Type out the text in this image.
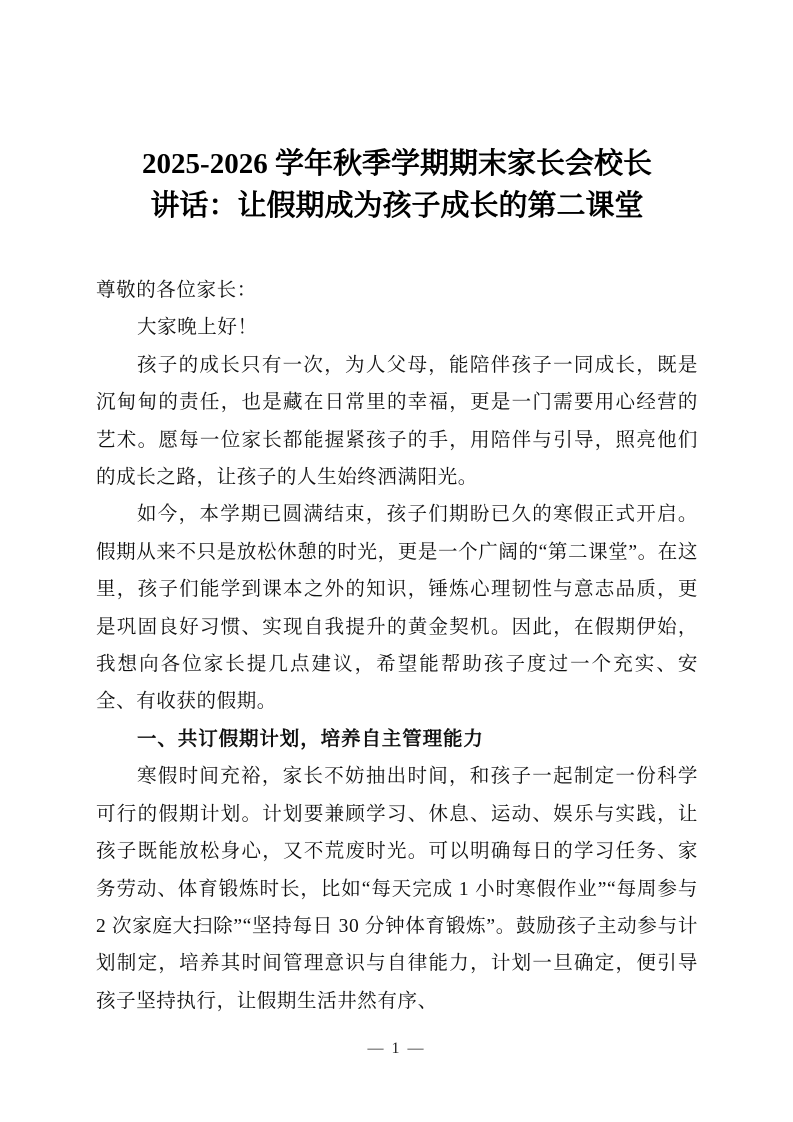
2025-2026 学年秋季学期期末家长会校长
讲话：让假期成为孩子成长的第二课堂

尊敬的各位家长：

大家晚上好！

孩子的成长只有一次，为人父母，能陪伴孩子一同成长，既是沉甸甸的责任，也是藏在日常里的幸福，更是一门需要用心经营的艺术。愿每一位家长都能握紧孩子的手，用陪伴与引导，照亮他们的成长之路，让孩子的人生始终洒满阳光。

如今，本学期已圆满结束，孩子们期盼已久的寒假正式开启。假期从来不只是放松休憩的时光，更是一个广阔的“第二课堂”。在这里，孩子们能学到课本之外的知识，锤炼心理韧性与意志品质，更是巩固良好习惯、实现自我提升的黄金契机。因此，在假期伊始，我想向各位家长提几点建议，希望能帮助孩子度过一个充实、安全、有收获的假期。

一、共订假期计划，培养自主管理能力

寒假时间充裕，家长不妨抽出时间，和孩子一起制定一份科学可行的假期计划。计划要兼顾学习、休息、运动、娱乐与实践，让孩子既能放松身心，又不荒废时光。可以明确每日的学习任务、家务劳动、体育锻炼时长，比如“每天完成 1 小时寒假作业”“每周参与 2 次家庭大扫除”“坚持每日 30 分钟体育锻炼”。鼓励孩子主动参与计划制定，培养其时间管理意识与自律能力，计划一旦确定，便引导孩子坚持执行，让假期生活井然有序、

— 1 —
